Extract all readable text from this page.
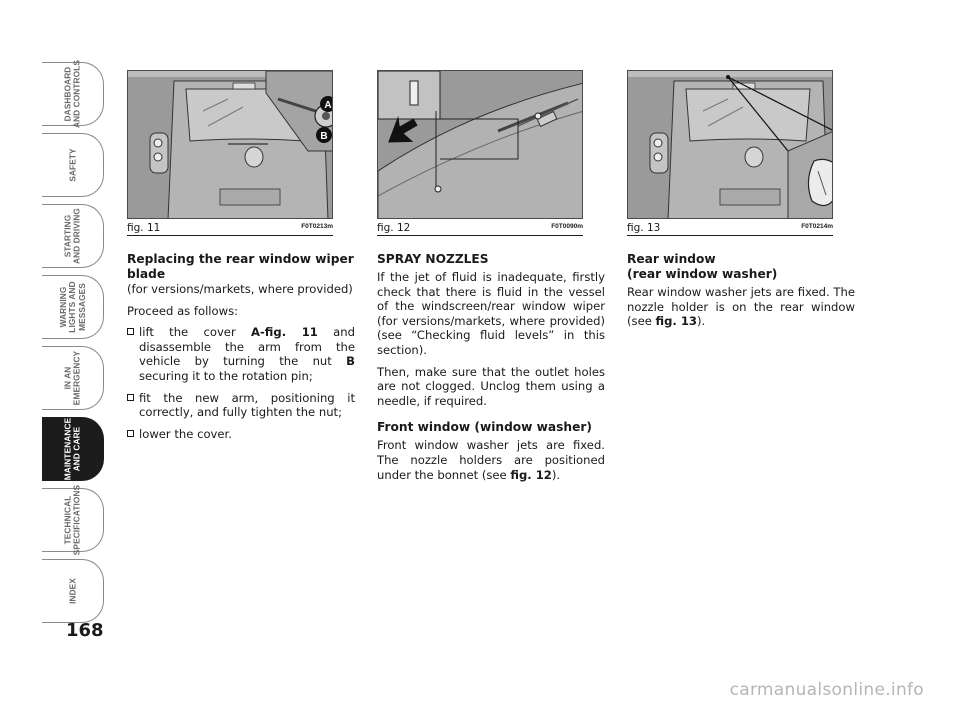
DASHBOARD
AND CONTROLS
SAFETY
STARTING
AND DRIVING
WARNING
LIGHTS AND
MESSAGES
IN AN
EMERGENCY
MAINTENANCE
AND CARE
TECHNICAL
SPECIFICATIONS
INDEX
168
A
B
fig. 11	F0T0213m	fig. 12	F0T0090m	fig. 13	F0T0214m
Replacing the rear window wiper
blade

(for versions/markets, where provided)

Proceed as follows:

lift the cover A-fig. 11 and disassemble the arm from the vehicle by turning the nut B securing it to the rotation pin;
fit the new arm, positioning it correctly, and fully tighten the nut;
lower the cover.
SPRAY NOZZLES

If the jet of fluid is inadequate, firstly check that there is fluid in the vessel of the windscreen/rear window wiper (for versions/markets, where provided) (see “Checking fluid levels” in this section).

Then, make sure that the outlet holes are not clogged. Unclog them using a needle, if required.

Front window (window washer)

Front window washer jets are fixed. The nozzle holders are positioned under the bonnet (see fig. 12).

Rear window
(rear window washer)

Rear window washer jets are fixed. The nozzle holder is on the rear window (see fig. 13).

carmanualsonline.info
